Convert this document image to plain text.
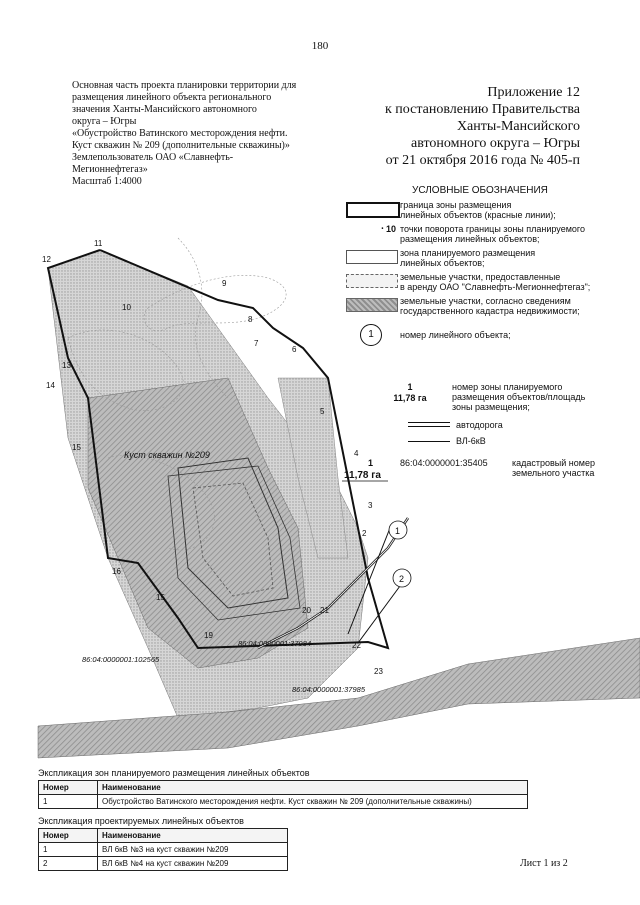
180
Основная часть проекта планировки территории для
размещения линейного объекта регионального
значения Ханты-Мансийского автономного
округа – Югры
«Обустройство Ватинского месторождения нефти.
Куст скважин № 209 (дополнительные скважины)»
Землепользователь ОАО «Славнефть-
Мегионнефтегаз»
Масштаб 1:4000
Приложение 12
к постановлению Правительства
Ханты-Мансийского
автономного округа – Югры
от 21 октября 2016 года № 405-п
УСЛОВНЫЕ ОБОЗНАЧЕНИЯ
граница зоны размещения
линейных объектов (красные линии);
• 10 точки поворота границы зоны планируемого
размещения линейных объектов;
зона планируемого размещения
линейных объектов;
земельные участки, предоставленные
в аренду ОАО "Славнефть-Мегионнефтегаз";
земельные участки, согласно сведениям
государственного кадастра недвижимости;
1	номер линейного объекта;
1
11,78 га
номер зоны планируемого
размещения объектов/площадь
зоны размещения;
автодорога
ВЛ-6кВ
86:04:0000001:35405	кадастровый номер
земельного участка
11
12
10
9
8
7
6
5
4
3
2
13
14
15
16
15
19
20 21
22
23
1
11,78 га
Куст скважин №209
1
2
86:04:0000001:37984
86:04:0000001:102565
86:04:0000001:37985
Экспликация зон планируемого размещения линейных объектов
Номер	Наименование
1	Обустройство Ватинского месторождения нефти. Куст скважин № 209 (дополнительные скважины)
Экспликация проектируемых линейных объектов
Номер	Наименование
1	ВЛ 6кВ №3 на куст скважин №209
2	ВЛ 6кВ №4 на куст скважин №209	Лист 1 из 2
